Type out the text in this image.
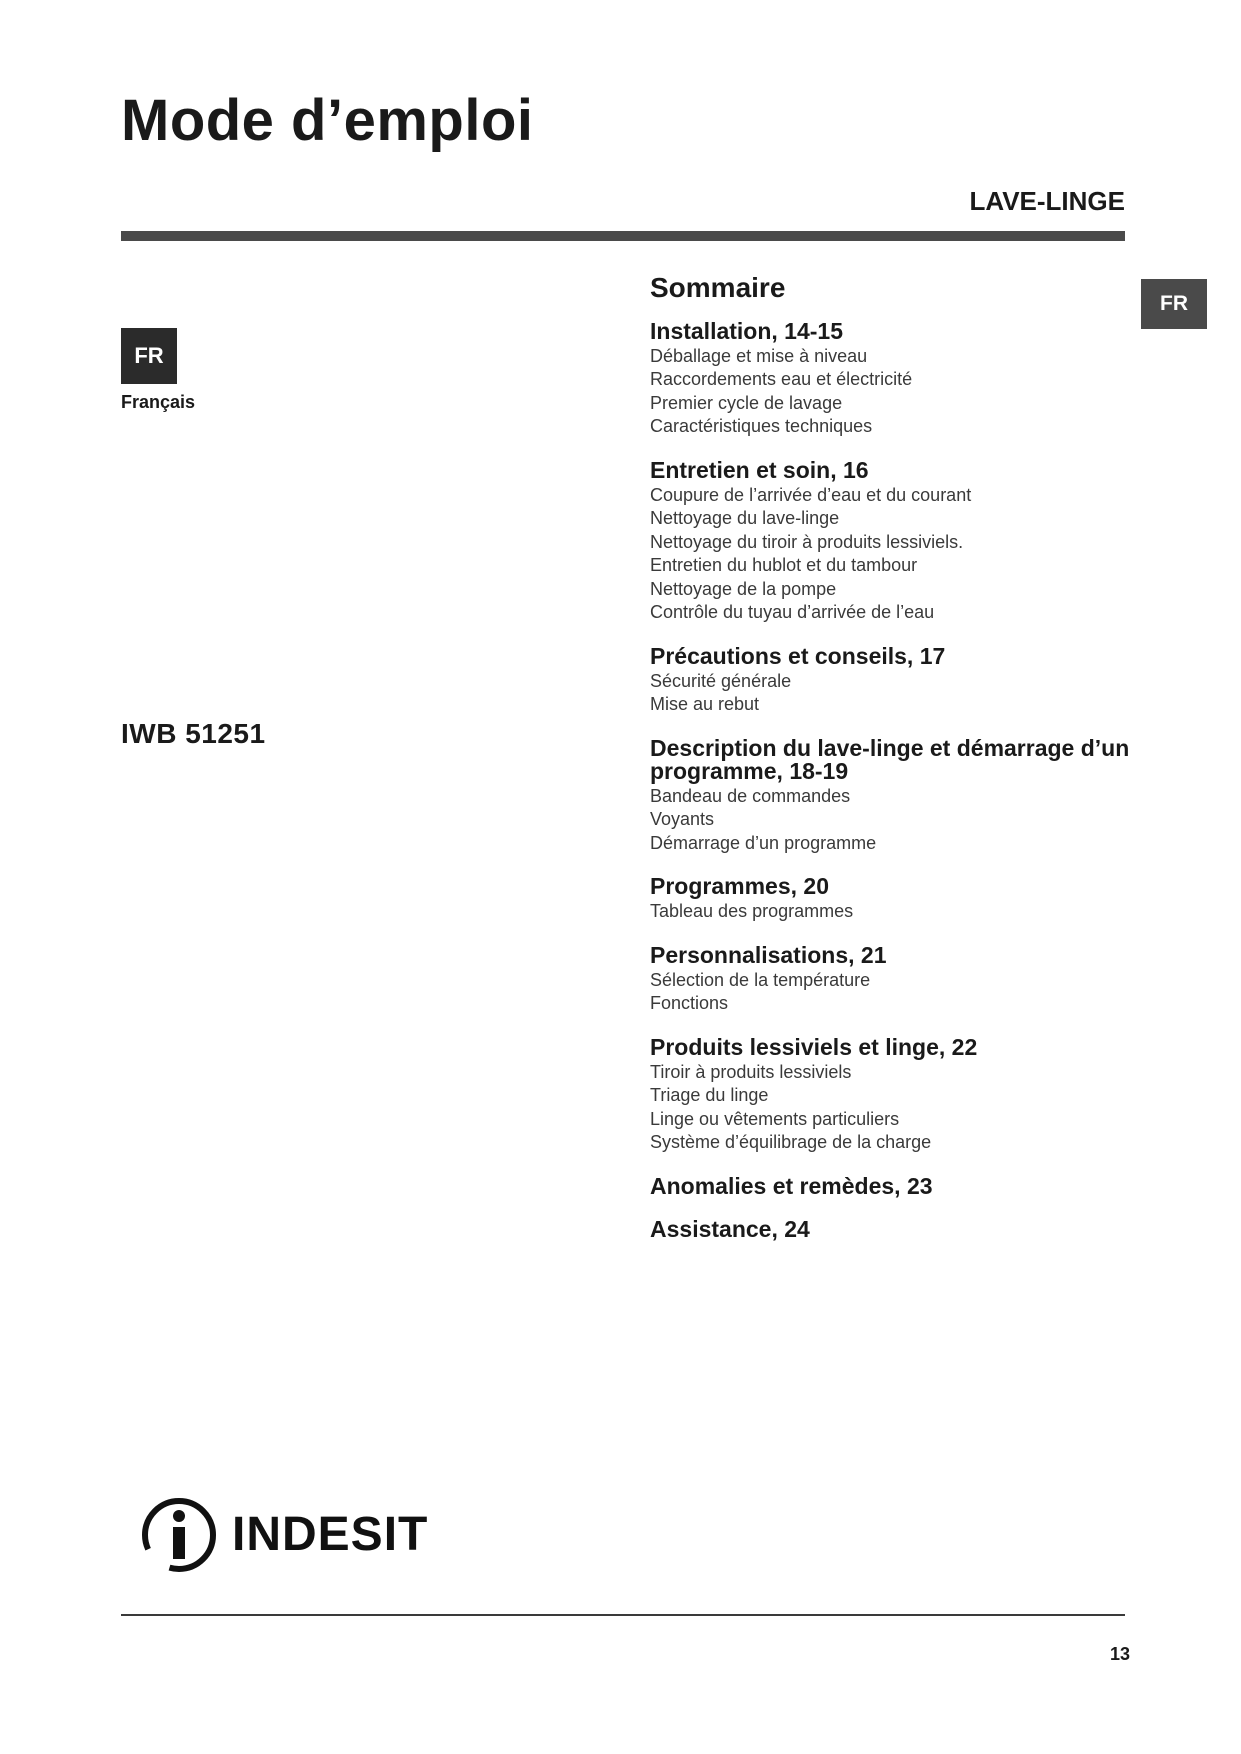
Mode d’emploi
LAVE-LINGE
FR
FR
Français
IWB 51251
Sommaire
Installation, 14-15
Déballage et mise à niveau
Raccordements eau et électricité
Premier cycle de lavage
Caractéristiques techniques
Entretien et soin, 16
Coupure de l’arrivée d’eau et du courant
Nettoyage du lave-linge
Nettoyage du tiroir à produits lessiviels.
Entretien du hublot et du tambour
Nettoyage de la pompe
Contrôle du tuyau d’arrivée de l’eau
Précautions et conseils, 17
Sécurité générale
Mise au rebut
Description du lave-linge et démarrage d’un programme, 18-19
Bandeau de commandes
Voyants
Démarrage d’un programme
Programmes, 20
Tableau des programmes
Personnalisations, 21
Sélection de la température
Fonctions
Produits lessiviels et linge, 22
Tiroir à produits lessiviels
Triage du linge
Linge ou vêtements particuliers
Système d’équilibrage de la charge
Anomalies et remèdes, 23
Assistance, 24
INDESIT
13
